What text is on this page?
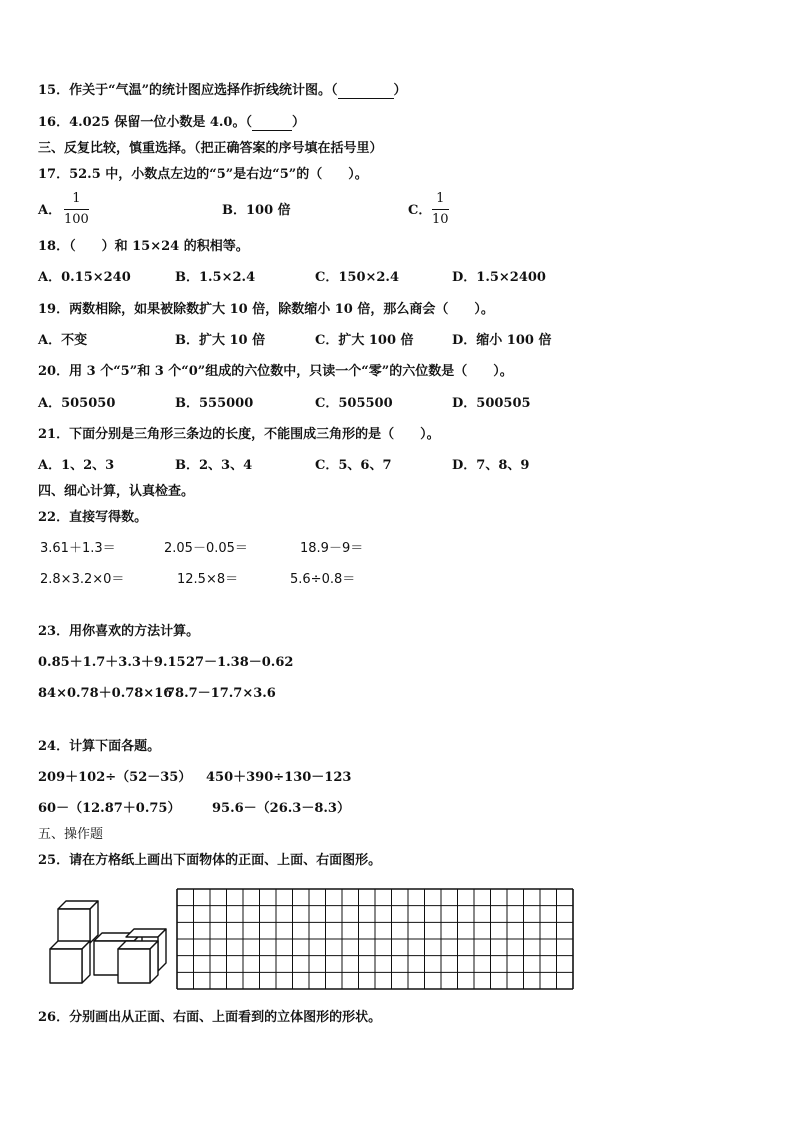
15．作关于“气温”的统计图应选择作折线统计图。（	）
16．4.025 保留一位小数是 4.0。（	）
三、反复比较，慎重选择。（把正确答案的序号填在括号里）
17．52.5 中，小数点左边的“5”是右边“5”的（　　）。
A．
1
100
B．100 倍	C．
1
10
18．（　　）和 15×24 的积相等。
A．0.15×240	B．1.5×2.4	C．150×2.4	D．1.5×2400
19．两数相除，如果被除数扩大 10 倍，除数缩小 10 倍，那么商会（　　）。
A．不变	B．扩大 10 倍	C．扩大 100 倍	D．缩小 100 倍
20．用 3 个“5”和 3 个“0”组成的六位数中，只读一个“零”的六位数是（　　）。
A．505050	B．555000	C．505500	D．500505
21．下面分别是三角形三条边的长度，不能围成三角形的是（　　）。
A．1、2、3	B．2、3、4	C．5、6、7	D．7、8、9
四、细心计算，认真检查。
22．直接写得数。
3.61＋1.3＝	2.05－0.05＝	18.9－9＝
2.8×3.2×0＝	12.5×8＝	5.6÷0.8＝
23．用你喜欢的方法计算。
0.85＋1.7＋3.3＋9.15 27－1.38－0.62
84×0.78＋0.78×16
78.7－17.7×3.6
24．计算下面各题。
209＋102÷（52－35） 450＋390÷130－123
60－（12.87＋0.75） 95.6－（26.3－8.3）
五、操作题
25．请在方格纸上画出下面物体的正面、上面、右面图形。
26．分别画出从正面、右面、上面看到的立体图形的形状。
